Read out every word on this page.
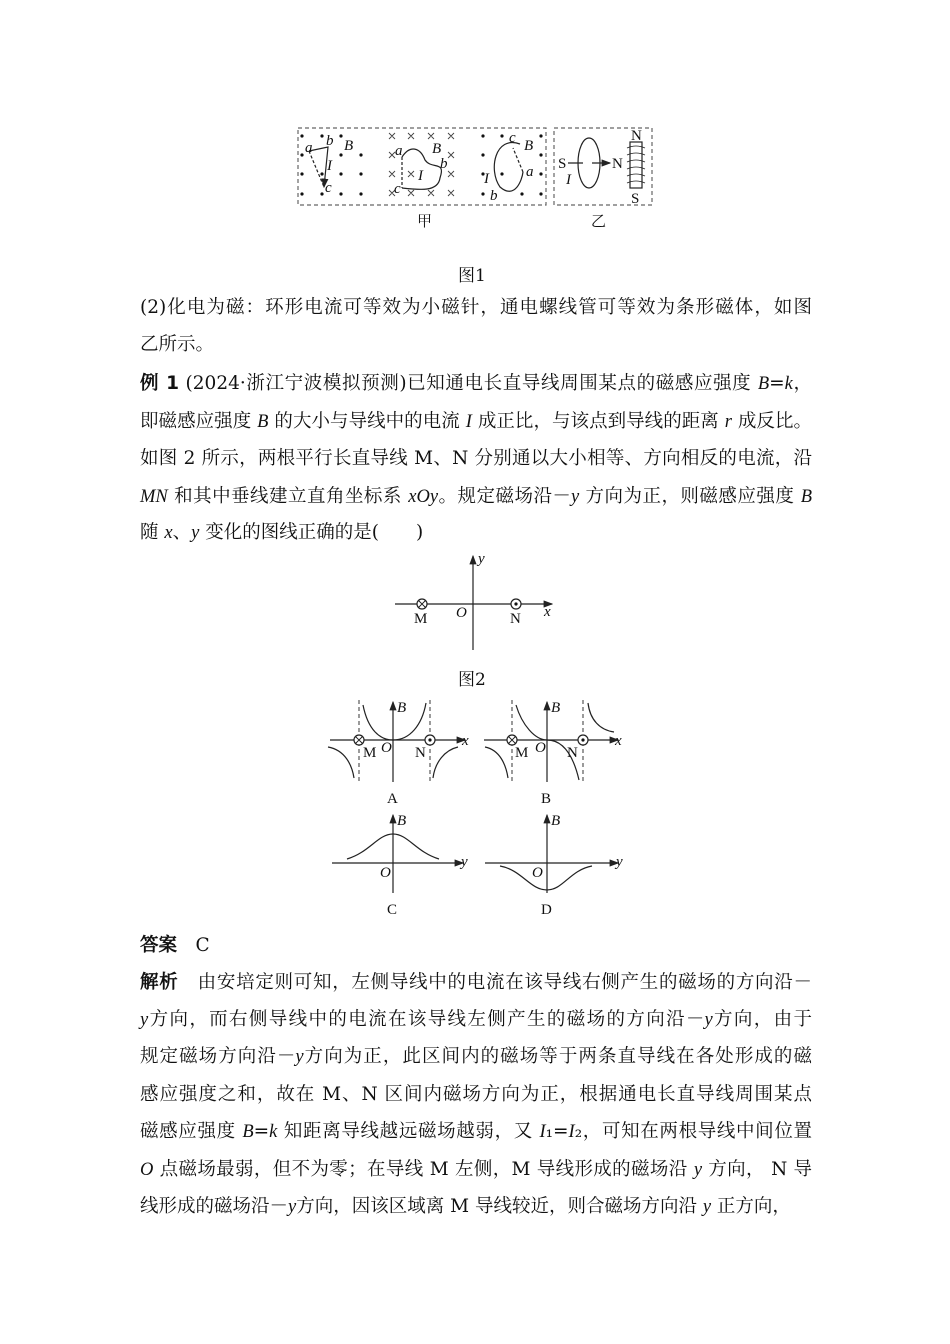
a b B
I
c
a B
b
I
c
c B
a
I
b
S
I
N
N
S
M O	N x
y
B
M O N
x
A
B
M O N
x
B
B
O
y
C
B
O
y
D
甲	乙
图1
(2)化电为磁：环形电流可等效为小磁针，通电螺线管可等效为条形磁体，如图
乙所示。
例 1 (2024·浙江宁波模拟预测)已知通电长直导线周围某点的磁感应强度 B=k，
即磁感应强度 B 的大小与导线中的电流 I 成正比，与该点到导线的距离 r 成反比。
如图 2 所示，两根平行长直导线 M、N 分别通以大小相等、方向相反的电流，沿
MN 和其中垂线建立直角坐标系 xOy。规定磁场沿－y 方向为正，则磁感应强度 B
随 x、y 变化的图线正确的是(　　)
图2
答案　 C
解析　由安培定则可知，左侧导线中的电流在该导线右侧产生的磁场的方向沿－
y方向，而右侧导线中的电流在该导线左侧产生的磁场的方向沿－y方向，由于
规定磁场方向沿－y方向为正，此区间内的磁场等于两条直导线在各处形成的磁
感应强度之和，故在 M、N 区间内磁场方向为正，根据通电长直导线周围某点
磁感应强度 B=k 知距离导线越远磁场越弱，又 I₁=I₂，可知在两根导线中间位置
O 点磁场最弱，但不为零；在导线 M 左侧，M 导线形成的磁场沿 y 方向， N 导
线形成的磁场沿－y方向，因该区域离 M 导线较近，则合磁场方向沿 y 正方向，
